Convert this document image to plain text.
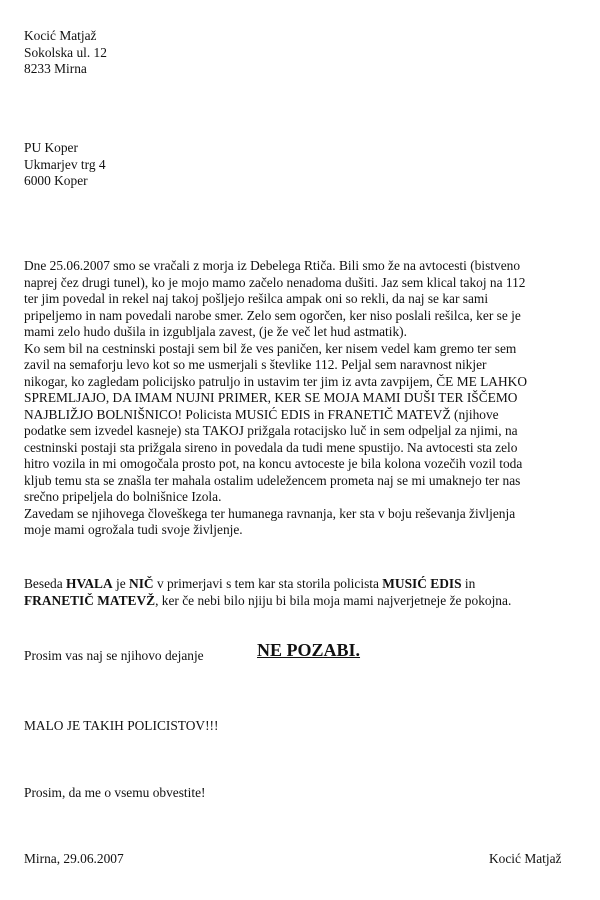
Kocić Matjaž
Sokolska ul. 12
8233 Mirna
PU Koper
Ukmarjev trg 4
6000 Koper

Dne 25.06.2007 smo se vračali z morja iz Debelega Rtiča. Bili smo že na avtocesti (bistveno
naprej čez drugi tunel), ko je mojo mamo začelo nenadoma dušiti. Jaz sem klical takoj na 112
ter jim povedal in rekel naj takoj pošljejo rešilca ampak oni so rekli, da naj se kar sami
pripeljemo in nam povedali narobe smer. Zelo sem ogorčen, ker niso poslali rešilca, ker se je
mami zelo hudo dušila in izgubljala zavest, (je že več let hud astmatik).

Ko sem bil na cestninski postaji sem bil že ves paničen, ker nisem vedel kam gremo ter sem
zavil na semaforju levo kot so me usmerjali s števlike 112. Peljal sem naravnost nikjer
nikogar, ko zagledam policijsko patruljo in ustavim ter jim iz avta zavpijem, ČE ME LAHKO
SPREMLJAJO, DA IMAM NUJNI PRIMER, KER SE MOJA MAMI DUŠI TER IŠČEMO
NAJBLIŽJO BOLNIŠNICO! Policista MUSIĆ EDIS in FRANETIČ MATEVŽ (njihove
podatke sem izvedel kasneje) sta TAKOJ prižgala rotacijsko luč in sem odpeljal za njimi, na
cestninski postaji sta prižgala sireno in povedala da tudi mene spustijo. Na avtocesti sta zelo
hitro vozila in mi omogočala prosto pot, na koncu avtoceste je bila kolona vozečih vozil toda
kljub temu sta se znašla ter mahala ostalim udeležencem prometa naj se mi umaknejo ter nas
srečno pripeljela do bolnišnice Izola.

Zavedam se njihovega človeškega ter humanega ravnanja, ker sta v boju reševanja življenja
moje mami ogrožala tudi svoje življenje.

Beseda HVALA je NIČ v primerjavi s tem kar sta storila policista MUSIĆ EDIS in
FRANETIČ MATEVŽ, ker če nebi bilo njiju bi bila moja mami najverjetneje že pokojna.
Prosim vas naj se njihovo dejanje	NE POZABI.
MALO JE TAKIH POLICISTOV!!!
Prosim, da me o vsemu obvestite!
Mirna, 29.06.2007	Kocić Matjaž
